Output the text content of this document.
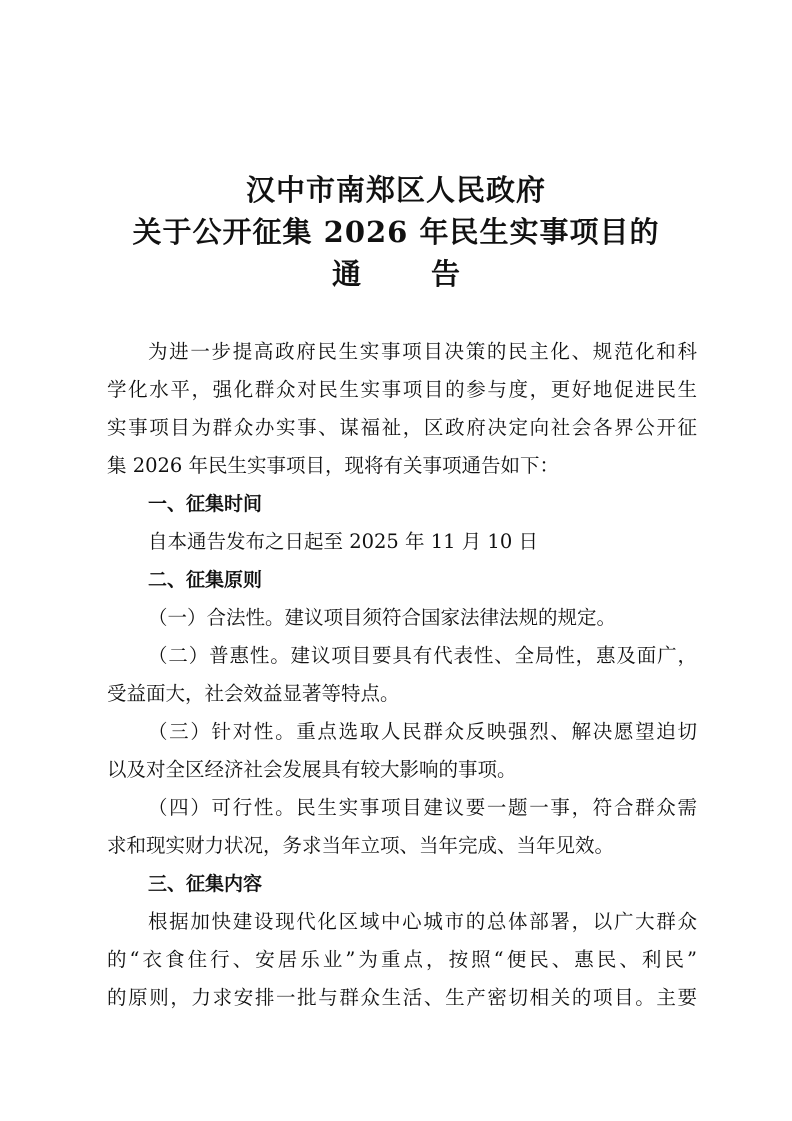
汉中市南郑区人民政府
关于公开征集 2026 年民生实事项目的
通 告
为进一步提高政府民生实事项目决策的民主化、规范化和科
学化水平，强化群众对民生实事项目的参与度，更好地促进民生
实事项目为群众办实事、谋福祉，区政府决定向社会各界公开征
集 2026 年民生实事项目，现将有关事项通告如下：
一、征集时间
自本通告发布之日起至 2025 年 11 月 10 日
二、征集原则
（一）合法性。建议项目须符合国家法律法规的规定。
（二）普惠性。建议项目要具有代表性、全局性，惠及面广，
受益面大，社会效益显著等特点。
（三）针对性。重点选取人民群众反映强烈、解决愿望迫切
以及对全区经济社会发展具有较大影响的事项。
（四）可行性。民生实事项目建议要一题一事，符合群众需
求和现实财力状况，务求当年立项、当年完成、当年见效。
三、征集内容
根据加快建设现代化区域中心城市的总体部署，以广大群众
的“衣食住行、安居乐业”为重点，按照“便民、惠民、利民”
的原则，力求安排一批与群众生活、生产密切相关的项目。主要
